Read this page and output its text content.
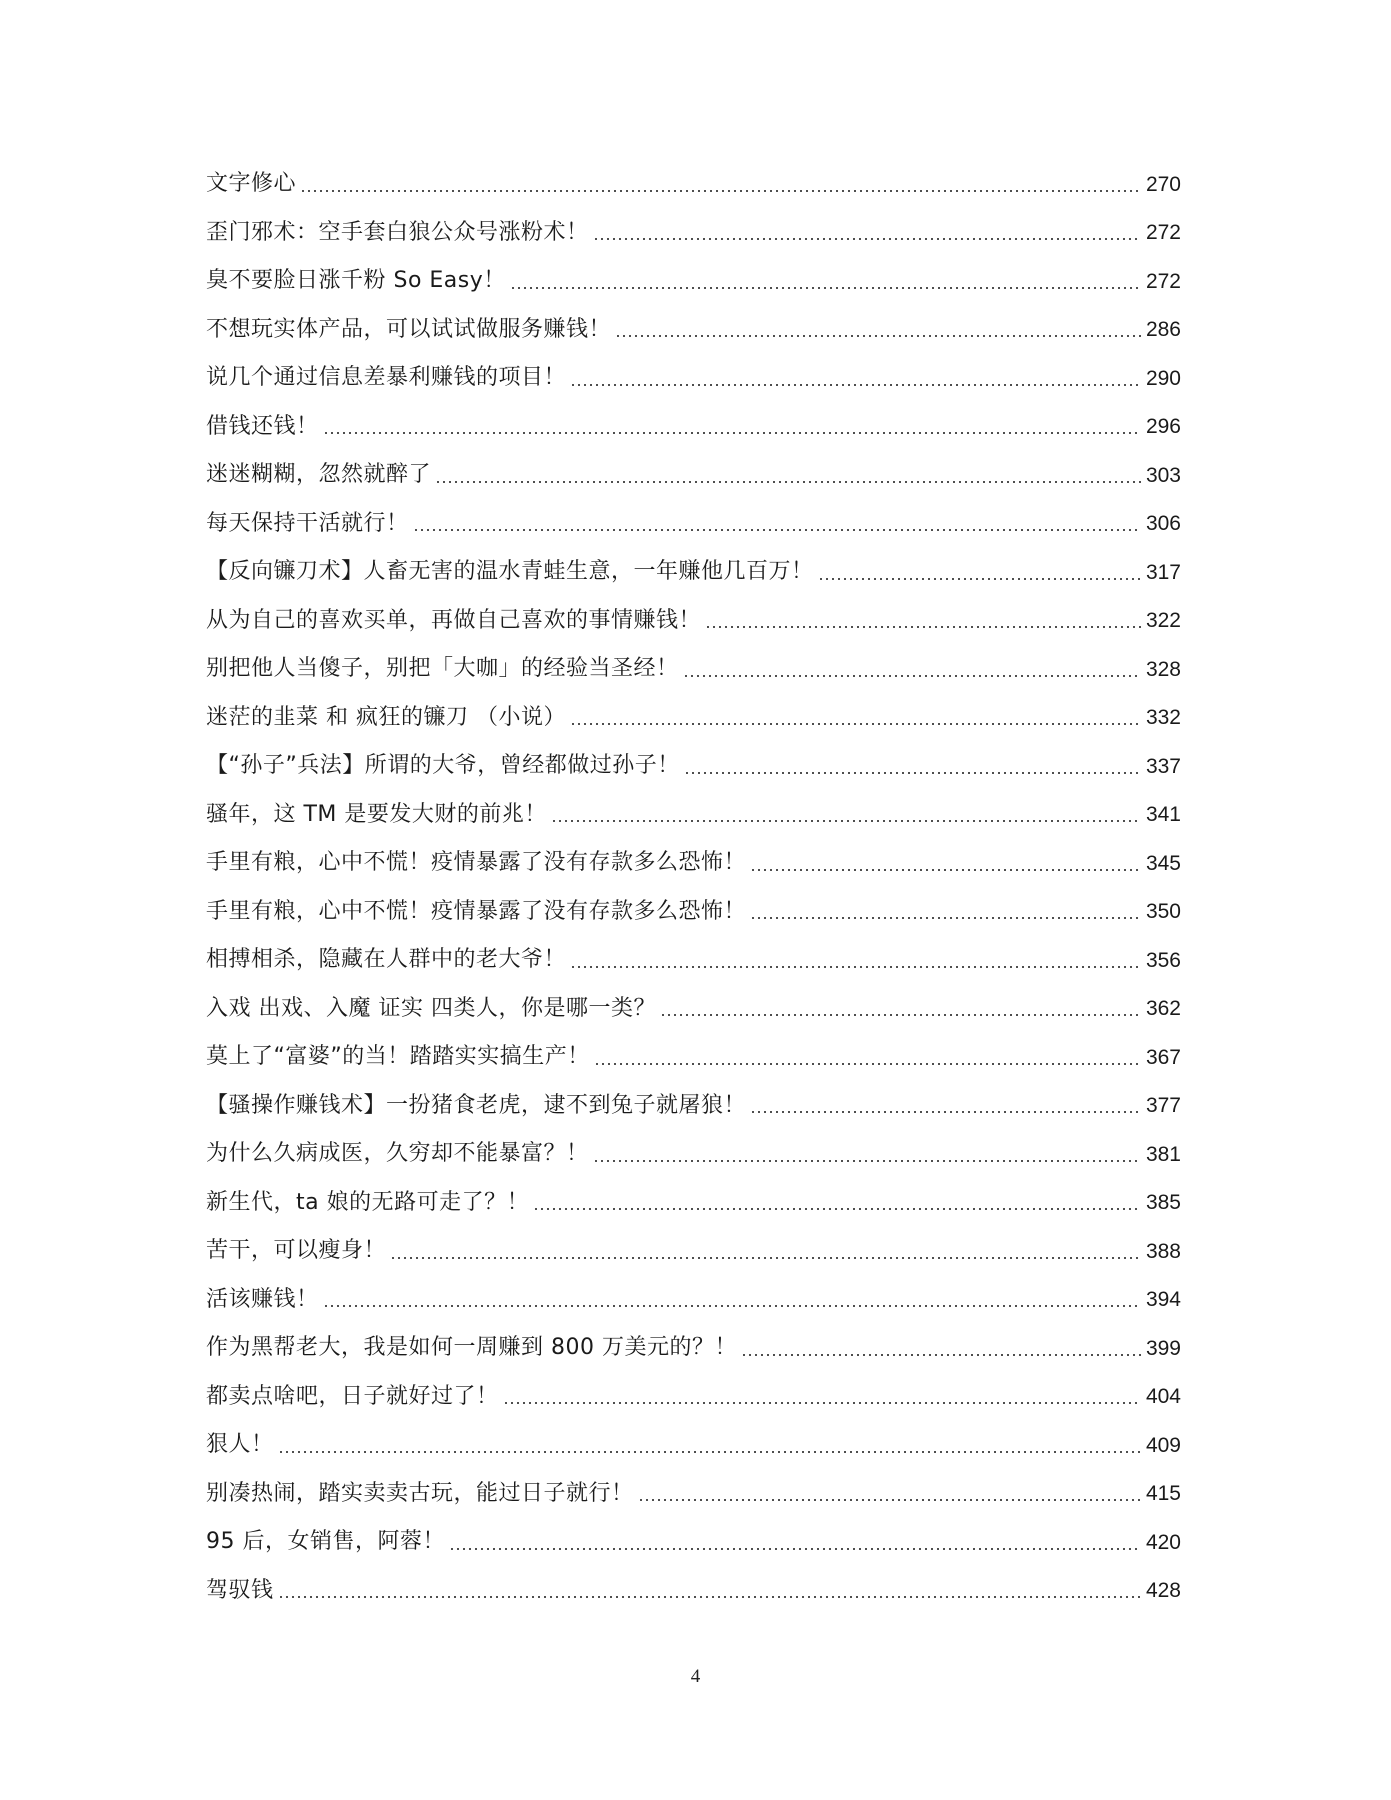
文字修心	270
歪门邪术：空手套白狼公众号涨粉术！	272
臭不要脸日涨千粉 So Easy！	272
不想玩实体产品，可以试试做服务赚钱！	286
说几个通过信息差暴利赚钱的项目！	290
借钱还钱！	296
迷迷糊糊，忽然就醉了	303
每天保持干活就行！	306
【反向镰刀术】人畜无害的温水青蛙生意，一年赚他几百万！	317
从为自己的喜欢买单，再做自己喜欢的事情赚钱！	322
别把他人当傻子，别把「大咖」的经验当圣经！	328
迷茫的韭菜 和 疯狂的镰刀 （小说）	332
【“孙子”兵法】所谓的大爷，曾经都做过孙子！	337
骚年，这 TM 是要发大财的前兆！	341
手里有粮，心中不慌！疫情暴露了没有存款多么恐怖！	345
手里有粮，心中不慌！疫情暴露了没有存款多么恐怖！	350
相搏相杀，隐藏在人群中的老大爷！	356
入戏 出戏、入魔 证实 四类人，你是哪一类？	362
莫上了“富婆”的当！踏踏实实搞生产！	367
【骚操作赚钱术】一扮猪食老虎，逮不到兔子就屠狼！	377
为什么久病成医，久穷却不能暴富？！	381
新生代，ta 娘的无路可走了？！	385
苦干，可以瘦身！	388
活该赚钱！	394
作为黑帮老大，我是如何一周赚到 800 万美元的？！	399
都卖点啥吧，日子就好过了！	404
狠人！	409
别凑热闹，踏实卖卖古玩，能过日子就行！	415
95 后，女销售，阿蓉！	420
驾驭钱	428
4
